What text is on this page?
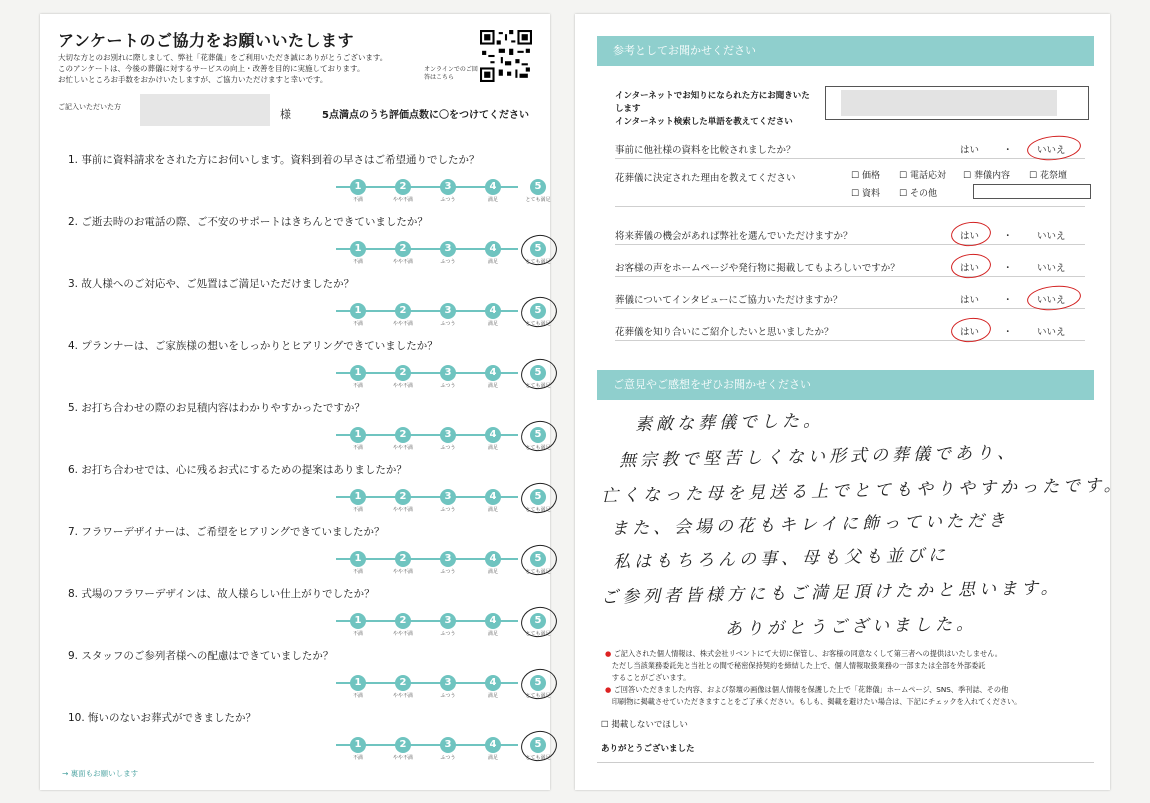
アンケートのご協力をお願いいたします
大切な方とのお別れに際しまして、弊社「花葬儀」をご利用いただき誠にありがとうございます。
このアンケートは、今後の葬儀に対するサービスの向上・改善を目的に実施しております。
お忙しいところお手数をおかけいたしますが、ご協力いただけますと幸いです。
オンラインでのご回答はこちら
ご記入いただいた方
様	5点満点のうち評価点数に〇をつけてください
1. 事前に資料請求をされた方にお伺いします。資料到着の早さはご希望通りでしたか？
1
不満
2
やや不満
3
ふつう
4
満足
5
とても満足
2. ご逝去時のお電話の際、ご不安のサポートはきちんとできていましたか？
1
不満
2
やや不満
3
ふつう
4
満足
5
とても満足
3. 故人様へのご対応や、ご処置はご満足いただけましたか？
1
不満
2
やや不満
3
ふつう
4
満足
5
とても満足
4. プランナーは、ご家族様の想いをしっかりとヒアリングできていましたか？
1
不満
2
やや不満
3
ふつう
4
満足
5
とても満足
5. お打ち合わせの際のお見積内容はわかりやすかったですか？
1
不満
2
やや不満
3
ふつう
4
満足
5
とても満足
6. お打ち合わせでは、心に残るお式にするための提案はありましたか？
1
不満
2
やや不満
3
ふつう
4
満足
5
とても満足
7. フラワーデザイナーは、ご希望をヒアリングできていましたか？
1
不満
2
やや不満
3
ふつう
4
満足
5
とても満足
8. 式場のフラワーデザインは、故人様らしい仕上がりでしたか？
1
不満
2
やや不満
3
ふつう
4
満足
5
とても満足
9. スタッフのご参列者様への配慮はできていましたか？
1
不満
2
やや不満
3
ふつう
4
満足
5
とても満足
10. 悔いのないお葬式ができましたか？
1
不満
2
やや不満
3
ふつう
4
満足
5
とても満足
→ 裏面もお願いします
参考としてお聞かせください
インターネットでお知りになられた方にお聞きいたします
インターネット検索した単語を教えてください
事前に他社様の資料を比較されましたか？	はい	・	いいえ
花葬儀に決定された理由を教えてください	☐ 価格 ☐ 電話応対 ☐ 葬儀内容 ☐ 花祭壇
☐ 資料 ☐ その他
将来葬儀の機会があれば弊社を選んでいただけますか？	はい	・	いいえ
お客様の声をホームページや発行物に掲載してもよろしいですか？	はい	・	いいえ
葬儀についてインタビューにご協力いただけますか？	はい	・	いいえ
花葬儀を知り合いにご紹介したいと思いましたか？	はい	・	いいえ
ご意見やご感想をぜひお聞かせください
素敵な葬儀でした。
無宗教で堅苦しくない形式の葬儀であり、
亡くなった母を見送る上でとてもやりやすかったです。
また、会場の花もキレイに飾っていただき
私はもちろんの事、母も父も並びに
ご参列者皆様方にもご満足頂けたかと思います。
ありがとうございました。
● ご記入された個人情報は、株式会社リベントにて大切に保管し、お客様の同意なくして第三者への提供はいたしません。
ただし当該業務委託先と当社との間で秘密保持契約を締結した上で、個人情報取扱業務の一部または全部を外部委託
することがございます。
● ご回答いただきました内容、および祭壇の画像は個人情報を保護した上で「花葬儀」ホームページ、SNS、季刊誌、その他
印刷物に掲載させていただきますことをご了承ください。もしも、掲載を避けたい場合は、下記にチェックを入れてください。
☐ 掲載しないでほしい
ありがとうございました
